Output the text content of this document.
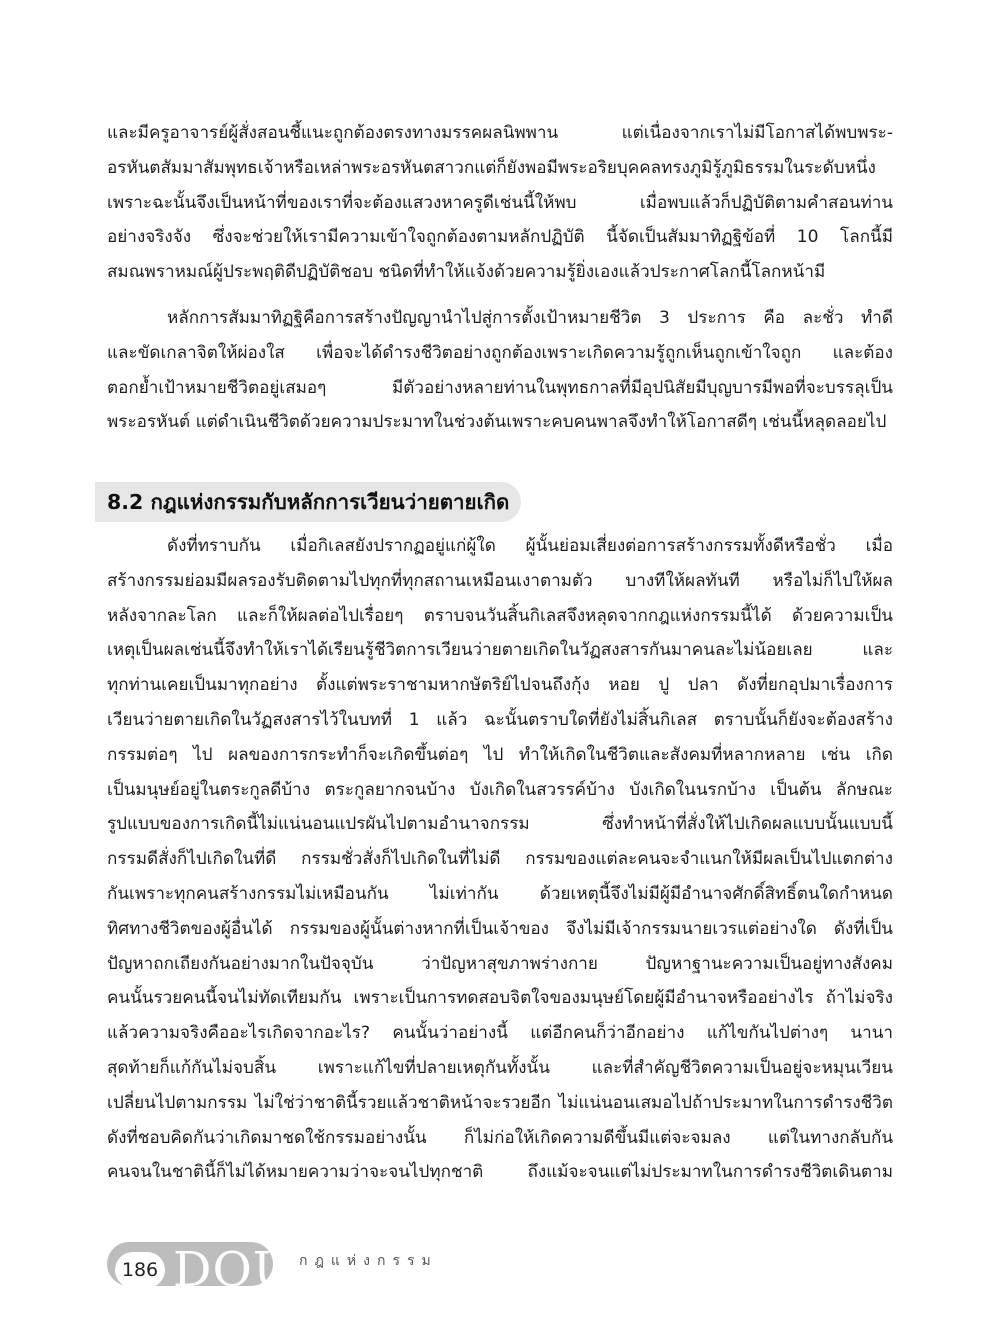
และมีครูอาจารย์ผู้สั่งสอนชี้แนะถูกต้องตรงทางมรรคผลนิพพาน แต่เนื่องจากเราไม่มีโอกาสได้พบพระ-
อรหันตสัมมาสัมพุทธเจ้าหรือเหล่าพระอรหันตสาวกแต่ก็ยังพอมีพระอริยบุคคลทรงภูมิรู้ภูมิธรรมในระดับหนึ่ง
เพราะฉะนั้นจึงเป็นหน้าที่ของเราที่จะต้องแสวงหาครูดีเช่นนี้ให้พบ เมื่อพบแล้วก็ปฏิบัติตามคำสอนท่าน
อย่างจริงจัง ซึ่งจะช่วยให้เรามีความเข้าใจถูกต้องตามหลักปฏิบัติ นี้จัดเป็นสัมมาทิฏฐิข้อที่ 10 โลกนี้มี
สมณพราหมณ์ผู้ประพฤติดีปฏิบัติชอบ ชนิดที่ทำให้แจ้งด้วยความรู้ยิ่งเองแล้วประกาศโลกนี้โลกหน้ามี
หลักการสัมมาทิฏฐิคือการสร้างปัญญานำไปสู่การตั้งเป้าหมายชีวิต 3 ประการ คือ ละชั่ว ทำดี
และขัดเกลาจิตให้ผ่องใส เพื่อจะได้ดำรงชีวิตอย่างถูกต้องเพราะเกิดความรู้ถูกเห็นถูกเข้าใจถูก และต้อง
ตอกย้ำเป้าหมายชีวิตอยู่เสมอๆ มีตัวอย่างหลายท่านในพุทธกาลที่มีอุปนิสัยมีบุญบารมีพอที่จะบรรลุเป็น
พระอรหันต์ แต่ดำเนินชีวิตด้วยความประมาทในช่วงต้นเพราะคบคนพาลจึงทำให้โอกาสดีๆ เช่นนี้หลุดลอยไป
8.2 กฎแห่งกรรมกับหลักการเวียนว่ายตายเกิด
ดังที่ทราบกัน เมื่อกิเลสยังปรากฏอยู่แก่ผู้ใด ผู้นั้นย่อมเสี่ยงต่อการสร้างกรรมทั้งดีหรือชั่ว เมื่อ
สร้างกรรมย่อมมีผลรองรับติดตามไปทุกที่ทุกสถานเหมือนเงาตามตัว บางทีให้ผลทันที หรือไม่ก็ไปให้ผล
หลังจากละโลก และก็ให้ผลต่อไปเรื่อยๆ ตราบจนวันสิ้นกิเลสจึงหลุดจากกฎแห่งกรรมนี้ได้ ด้วยความเป็น
เหตุเป็นผลเช่นนี้จึงทำให้เราได้เรียนรู้ชีวิตการเวียนว่ายตายเกิดในวัฏสงสารกันมาคนละไม่น้อยเลย และ
ทุกท่านเคยเป็นมาทุกอย่าง ตั้งแต่พระราชามหากษัตริย์ไปจนถึงกุ้ง หอย ปู ปลา ดังที่ยกอุปมาเรื่องการ
เวียนว่ายตายเกิดในวัฏสงสารไว้ในบทที่ 1 แล้ว ฉะนั้นตราบใดที่ยังไม่สิ้นกิเลส ตราบนั้นก็ยังจะต้องสร้าง
กรรมต่อๆ ไป ผลของการกระทำก็จะเกิดขึ้นต่อๆ ไป ทำให้เกิดในชีวิตและสังคมที่หลากหลาย เช่น เกิด
เป็นมนุษย์อยู่ในตระกูลดีบ้าง ตระกูลยากจนบ้าง บังเกิดในสวรรค์บ้าง บังเกิดในนรกบ้าง เป็นต้น ลักษณะ
รูปแบบของการเกิดนี้ไม่แน่นอนแปรผันไปตามอำนาจกรรม ซึ่งทำหน้าที่สั่งให้ไปเกิดผลแบบนั้นแบบนี้
กรรมดีสั่งก็ไปเกิดในที่ดี กรรมชั่วสั่งก็ไปเกิดในที่ไม่ดี กรรมของแต่ละคนจะจำแนกให้มีผลเป็นไปแตกต่าง
กันเพราะทุกคนสร้างกรรมไม่เหมือนกัน ไม่เท่ากัน ด้วยเหตุนี้จึงไม่มีผู้มีอำนาจศักดิ์สิทธิ์ตนใดกำหนด
ทิศทางชีวิตของผู้อื่นได้ กรรมของผู้นั้นต่างหากที่เป็นเจ้าของ จึงไม่มีเจ้ากรรมนายเวรแต่อย่างใด ดังที่เป็น
ปัญหาถกเถียงกันอย่างมากในปัจจุบัน ว่าปัญหาสุขภาพร่างกาย ปัญหาฐานะความเป็นอยู่ทางสังคม
คนนั้นรวยคนนี้จนไม่ทัดเทียมกัน เพราะเป็นการทดสอบจิตใจของมนุษย์โดยผู้มีอำนาจหรืออย่างไร ถ้าไม่จริง
แล้วความจริงคืออะไรเกิดจากอะไร? คนนั้นว่าอย่างนี้ แต่อีกคนก็ว่าอีกอย่าง แก้ไขกันไปต่างๆ นานา
สุดท้ายก็แก้กันไม่จบสิ้น เพราะแก้ไขที่ปลายเหตุกันทั้งนั้น และที่สำคัญชีวิตความเป็นอยู่จะหมุนเวียน
เปลี่ยนไปตามกรรม ไม่ใช่ว่าชาตินี้รวยแล้วชาติหน้าจะรวยอีก ไม่แน่นอนเสมอไปถ้าประมาทในการดำรงชีวิต
ดังที่ชอบคิดกันว่าเกิดมาชดใช้กรรมอย่างนั้น ก็ไม่ก่อให้เกิดความดีขึ้นมีแต่จะจมลง แต่ในทางกลับกัน
คนจนในชาตินี้ก็ไม่ได้หมายความว่าจะจนไปทุกชาติ ถึงแม้จะจนแต่ไม่ประมาทในการดำรงชีวิตเดินตาม
186 DOU กฎแห่งกรรม
